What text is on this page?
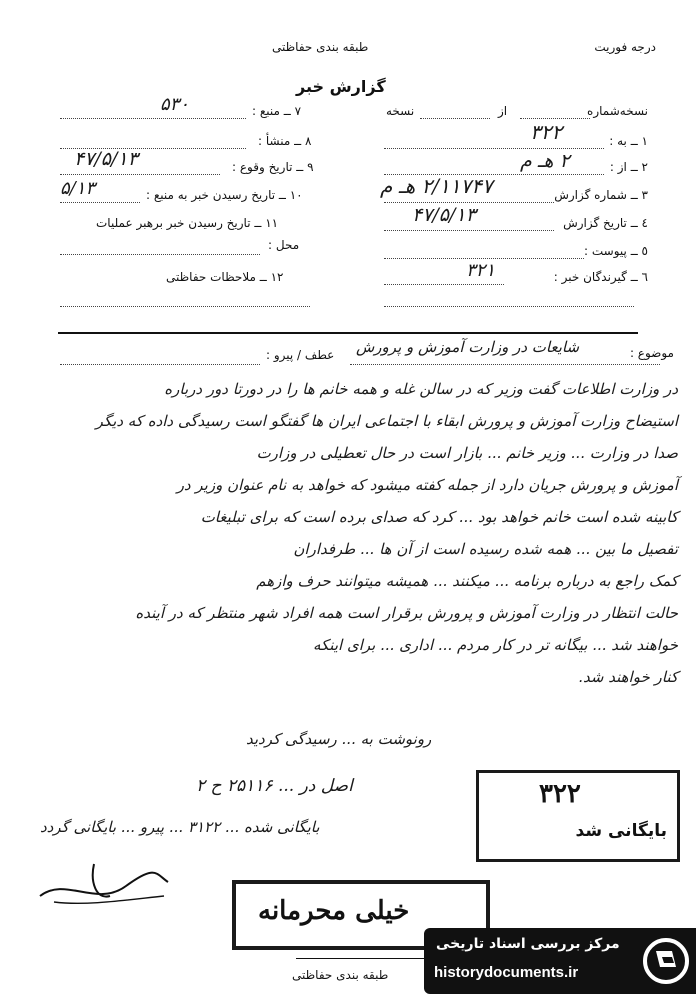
درجه فوریت
طبقه بندی حفاظتی
گزارش خبر
نسخه‌شماره
از
نسخه
۱ ــ به :
۳۲۲
۲ ــ از :
۲ هـ م
۳ ــ شماره گزارش
۲/۱۱۷۴۷ هـ م
٤ ــ تاریخ گزارش
۴۷/۵/۱۳
٥ ــ پیوست :
٦ ــ گیرندگان خبر :
۳۲۱
۷ ــ منبع :
۵۳۰
۸ ــ منشأ :
۹ ــ تاریخ وقوع :
۴۷/۵/۱۳
۱۰ ــ تاریخ رسیدن خبر به منبع :
۵/۱۳
۱۱ ــ تاریخ رسیدن خبر برهبر عملیات
محل :
۱۲ ــ ملاحظات حفاظتی
موضوع :
شایعات در وزارت آموزش و پرورش
عطف / پیرو :
در وزارت اطلاعات گفت وزیر که در سالن غله و همه خانم ها را در دورتا دور درباره
استیضاح وزارت آموزش و پرورش ابقاء با اجتماعی ایران ها گفتگو است رسیدگی داده که دیگر
صدا در وزارت ... وزیر خانم ... بازار است در حال تعطیلی در وزارت
آموزش و پرورش جریان دارد از جمله کفته میشود که خواهد به نام عنوان وزیر در
کابینه شده است خانم خواهد بود ... کرد که صدای برده است که برای تبلیغات
تفصیل ما بین ... همه شده رسیده است از آن ها ... طرفداران
کمک راجع به درباره برنامه ... میکنند ... همیشه میتوانند حرف وازهم
حالت انتظار در وزارت آموزش و پرورش برقرار است همه افراد شهر منتظر که در آینده
خواهند شد ... بیگانه تر در کار مردم ... اداری ... برای اینکه
کنار خواهند شد.
رونوشت به ... رسیدگی کردید
اصل در ... ۲۵۱۱۶ ح ۲
بایگانی شده ... ۳۱۲۲ ... پیرو ... بایگانی گردد
۳۲۲
بایگانی شد
خیلی محرمانه
طبقه بندی حفاظتی
مرکز بررسی اسناد تاریخی
historydocuments.ir
